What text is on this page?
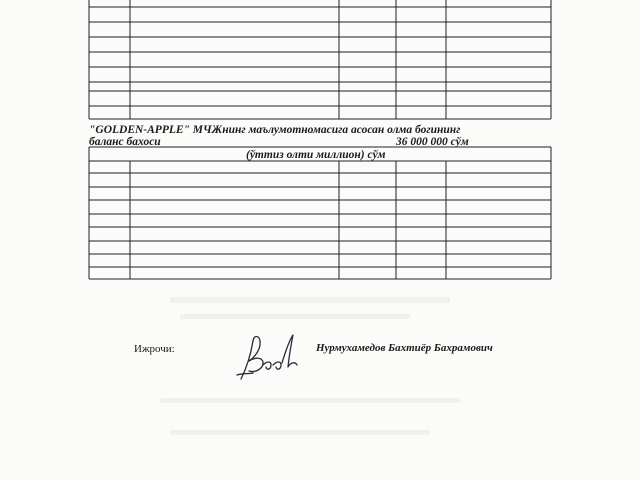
"GOLDEN-APPLE" МЧЖнинг маълумотномасига асосан олма богининг
баланс бахоси	36 000 000 сўм
(ўттиз олти миллион) сўм
Ижрочи:	Нурмухамедов Бахтиёр Бахрамович
